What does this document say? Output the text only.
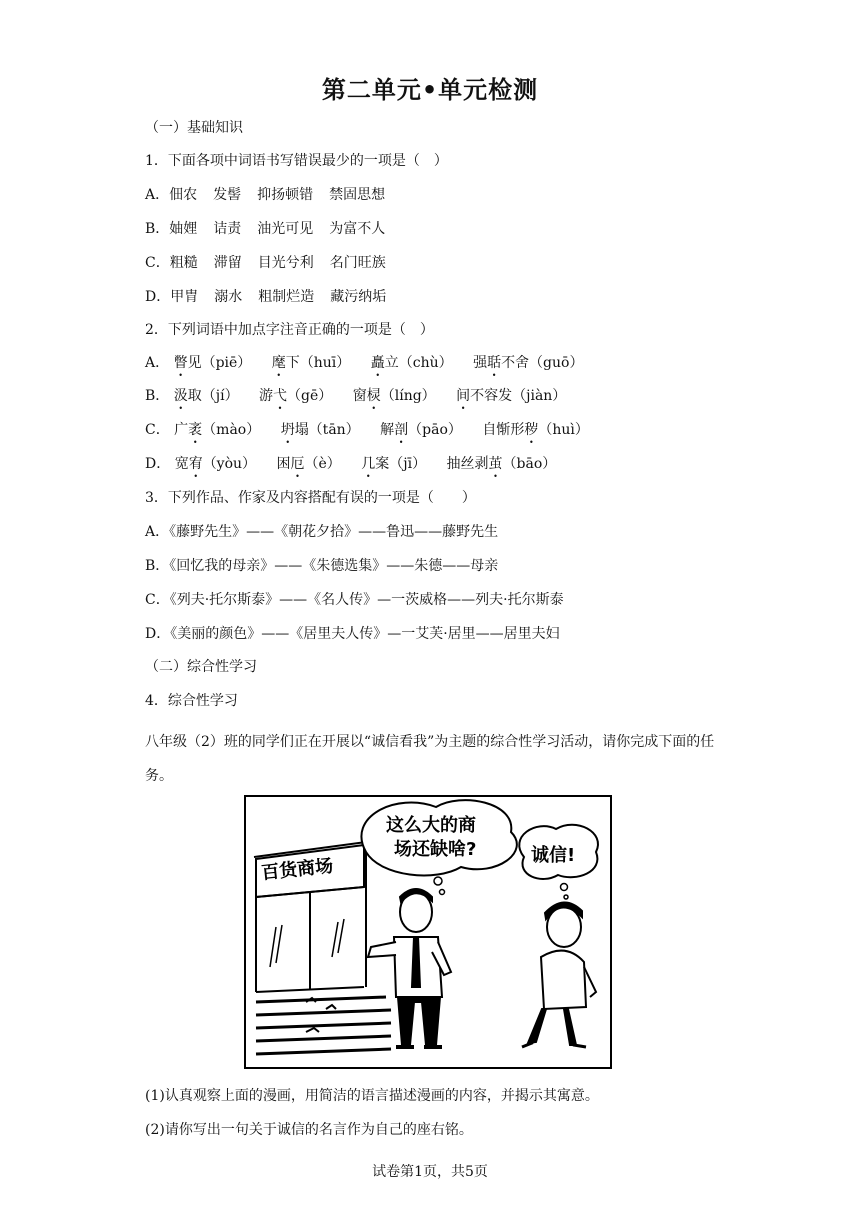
第二单元•单元检测
（一）基础知识
1．下面各项中词语书写错误最少的一项是（　）
A．佃农 发髻 抑扬顿错 禁固思想
B．妯娌 诘责 油光可见 为富不人
C．粗糙 滞留 目光兮利 名门旺族
D．甲胄 溺水 粗制烂造 藏污纳垢
2．下列词语中加点字注音正确的一项是（　）
A． 瞥见（piē） 麾下（huī） 矗立（chù） 强聒不舍（guō）
B． 汲取（jí） 游弋（gē） 窗棂（líng） 间不容发（jiàn）
C． 广袤（mào） 坍塌（tān） 解剖（pāo） 自惭形秽（huì）
D． 宽宥（yòu） 困厄（è） 几案（jī） 抽丝剥茧（bāo）
3．下列作品、作家及内容搭配有误的一项是（　　）
A．《藤野先生》——《朝花夕拾》——鲁迅——藤野先生
B．《回忆我的母亲》——《朱德选集》——朱德——母亲
C．《列夫·托尔斯泰》——《名人传》—一茨威格——列夫·托尔斯泰
D．《美丽的颜色》——《居里夫人传》—一艾芙·居里——居里夫妇
（二）综合性学习
4．综合性学习
八年级（2）班的同学们正在开展以“诚信看我”为主题的综合性学习活动，请你完成下面的任务。
百货商场
这么大的商
场还缺啥?	诚信!
(1)认真观察上面的漫画，用简洁的语言描述漫画的内容，并揭示其寓意。
(2)请你写出一句关于诚信的名言作为自己的座右铭。
试卷第1页，共5页
